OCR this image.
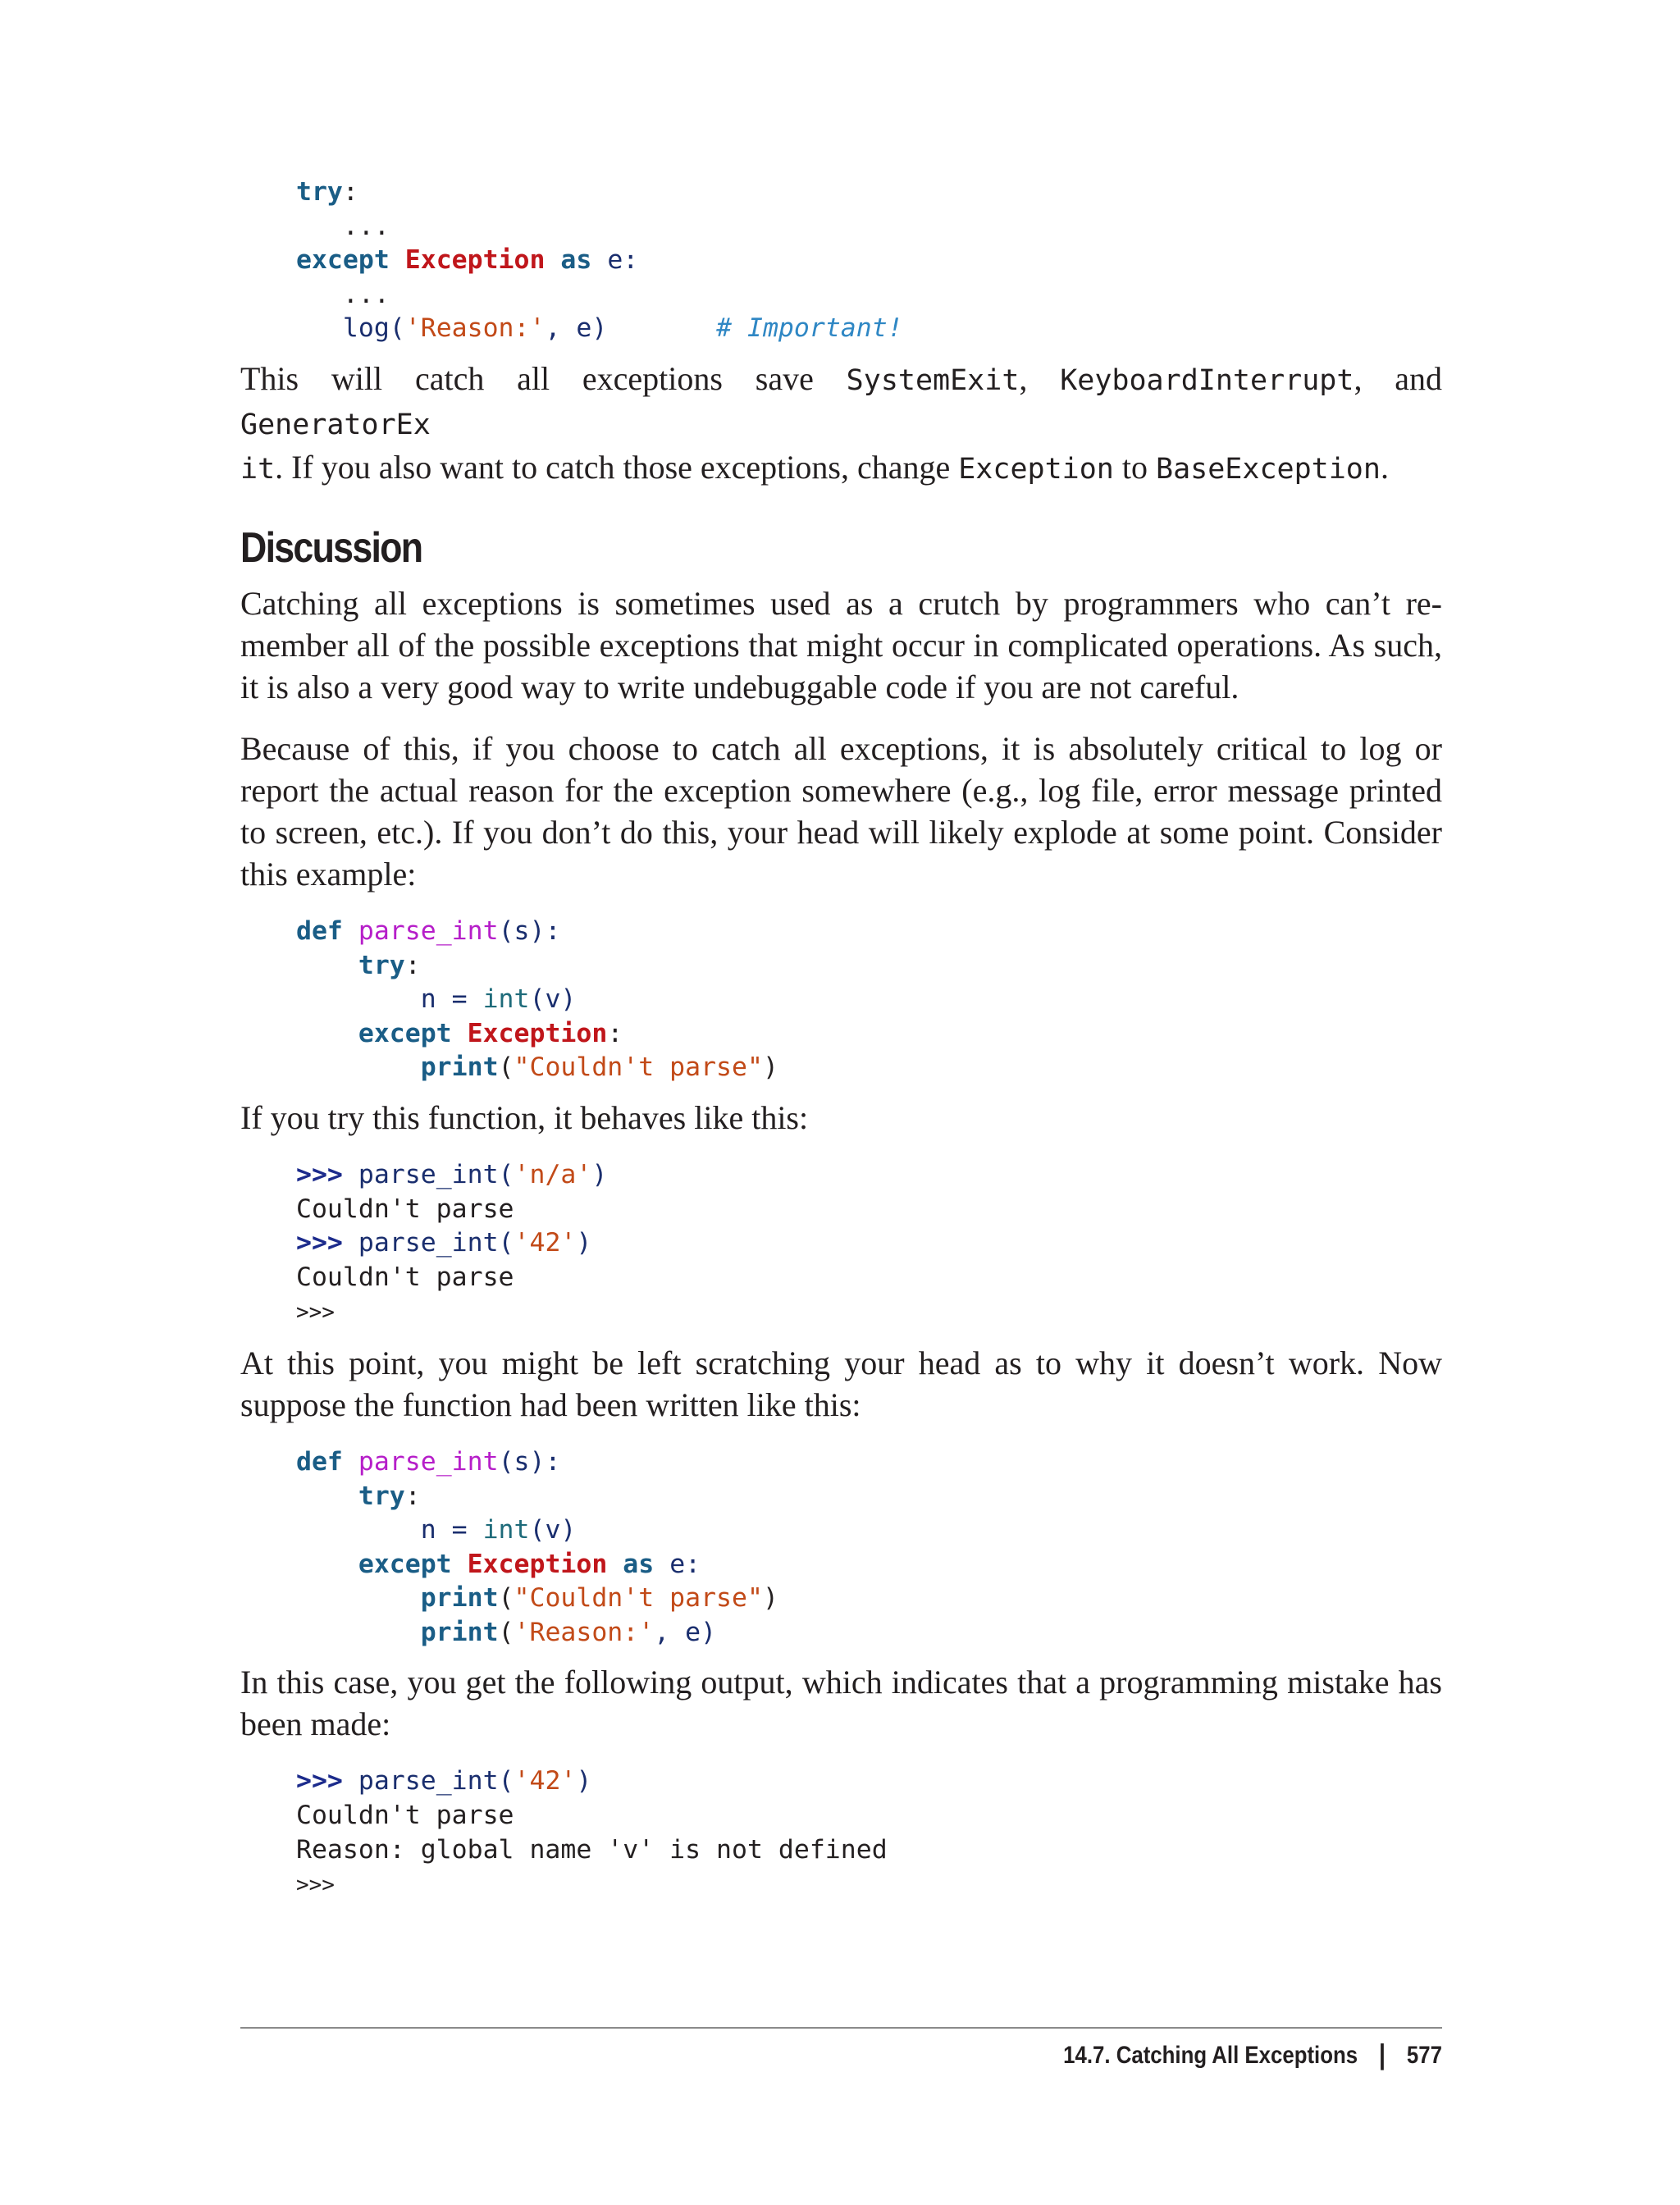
try:
...
except Exception as e:
...
log('Reason:', e)	# Important!

This will catch all exceptions save SystemExit, KeyboardInterrupt, and GeneratorEx
it. If you also want to catch those exceptions, change Exception to BaseException.

Discussion

Catching all exceptions is sometimes used as a crutch by programmers who can’t remember all of the possible exceptions that might occur in complicated operations. As such, it is also a very good way to write undebuggable code if you are not careful.

Because of this, if you choose to catch all exceptions, it is absolutely critical to log or report the actual reason for the exception somewhere (e.g., log file, error message printed to screen, etc.). If you don’t do this, your head will likely explode at some point. Consider this example:

def parse_int(s):
try:
n = int(v)
except Exception:
print("Couldn't parse")

If you try this function, it behaves like this:

>>> parse_int('n/a')
Couldn't parse
>>> parse_int('42')
Couldn't parse
>>>

At this point, you might be left scratching your head as to why it doesn’t work. Now suppose the function had been written like this:

def parse_int(s):
try:
n = int(v)
except Exception as e:
print("Couldn't parse")
print('Reason:', e)

In this case, you get the following output, which indicates that a programming mistake has been made:

>>> parse_int('42')
Couldn't parse
Reason: global name 'v' is not defined
>>>
14.7. Catching All Exceptions | 577
